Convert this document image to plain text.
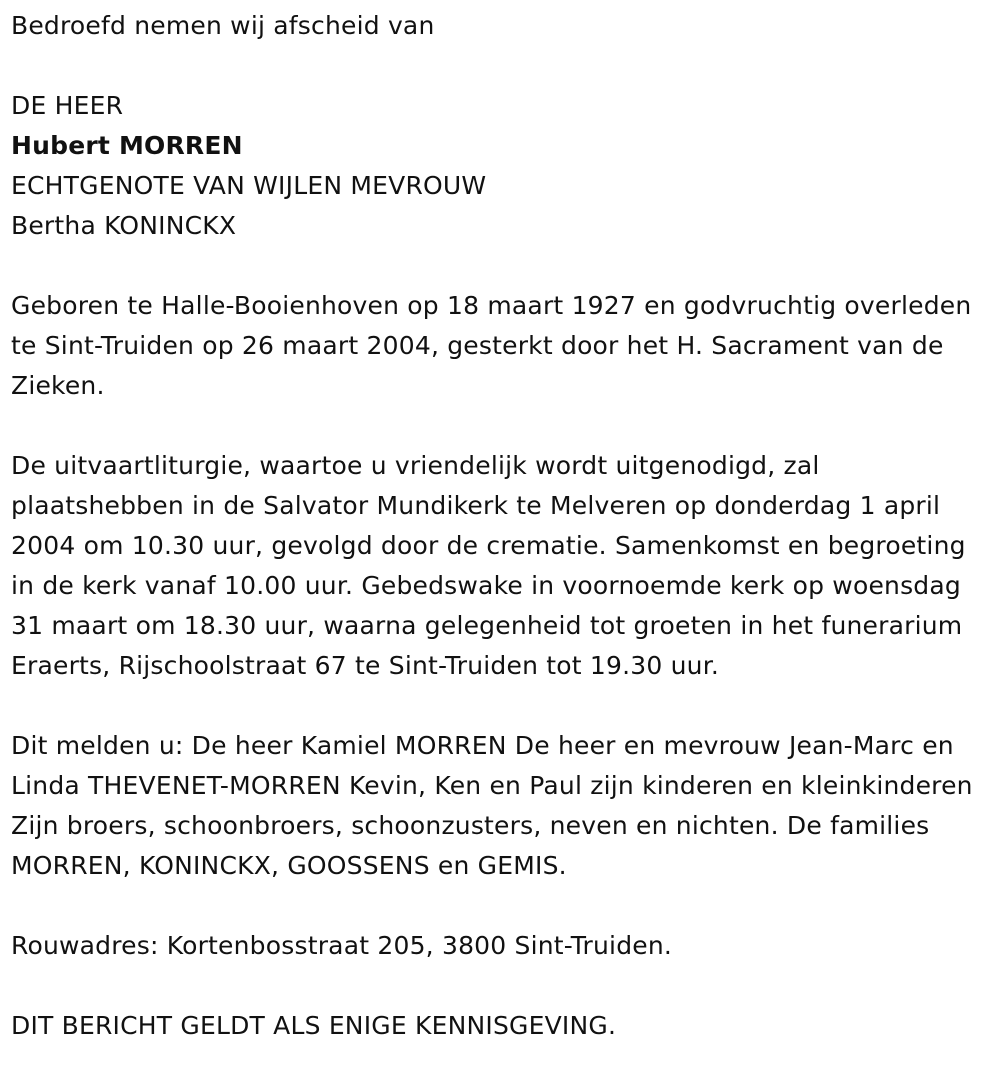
Bedroefd nemen wij afscheid van

DE HEER

Hubert MORREN

ECHTGENOTE VAN WIJLEN MEVROUW

Bertha KONINCKX

Geboren te Halle-Booienhoven op 18 maart 1927 en godvruchtig overleden te Sint-Truiden op 26 maart 2004, gesterkt door het H. Sacrament van de Zieken.

De uitvaartliturgie, waartoe u vriendelijk wordt uitgenodigd, zal plaatshebben in de Salvator Mundikerk te Melveren op donderdag 1 april 2004 om 10.30 uur, gevolgd door de crematie. Samenkomst en begroeting in de kerk vanaf 10.00 uur. Gebedswake in voornoemde kerk op woensdag 31 maart om 18.30 uur, waarna gelegenheid tot groeten in het funerarium Eraerts, Rijschoolstraat 67 te Sint-Truiden tot 19.30 uur.

Dit melden u: De heer Kamiel MORREN De heer en mevrouw Jean-Marc en Linda THEVENET-MORREN Kevin, Ken en Paul zijn kinderen en kleinkinderen Zijn broers, schoonbroers, schoonzusters, neven en nichten. De families MORREN, KONINCKX, GOOSSENS en GEMIS.

Rouwadres: Kortenbosstraat 205, 3800 Sint-Truiden.

DIT BERICHT GELDT ALS ENIGE KENNISGEVING.
